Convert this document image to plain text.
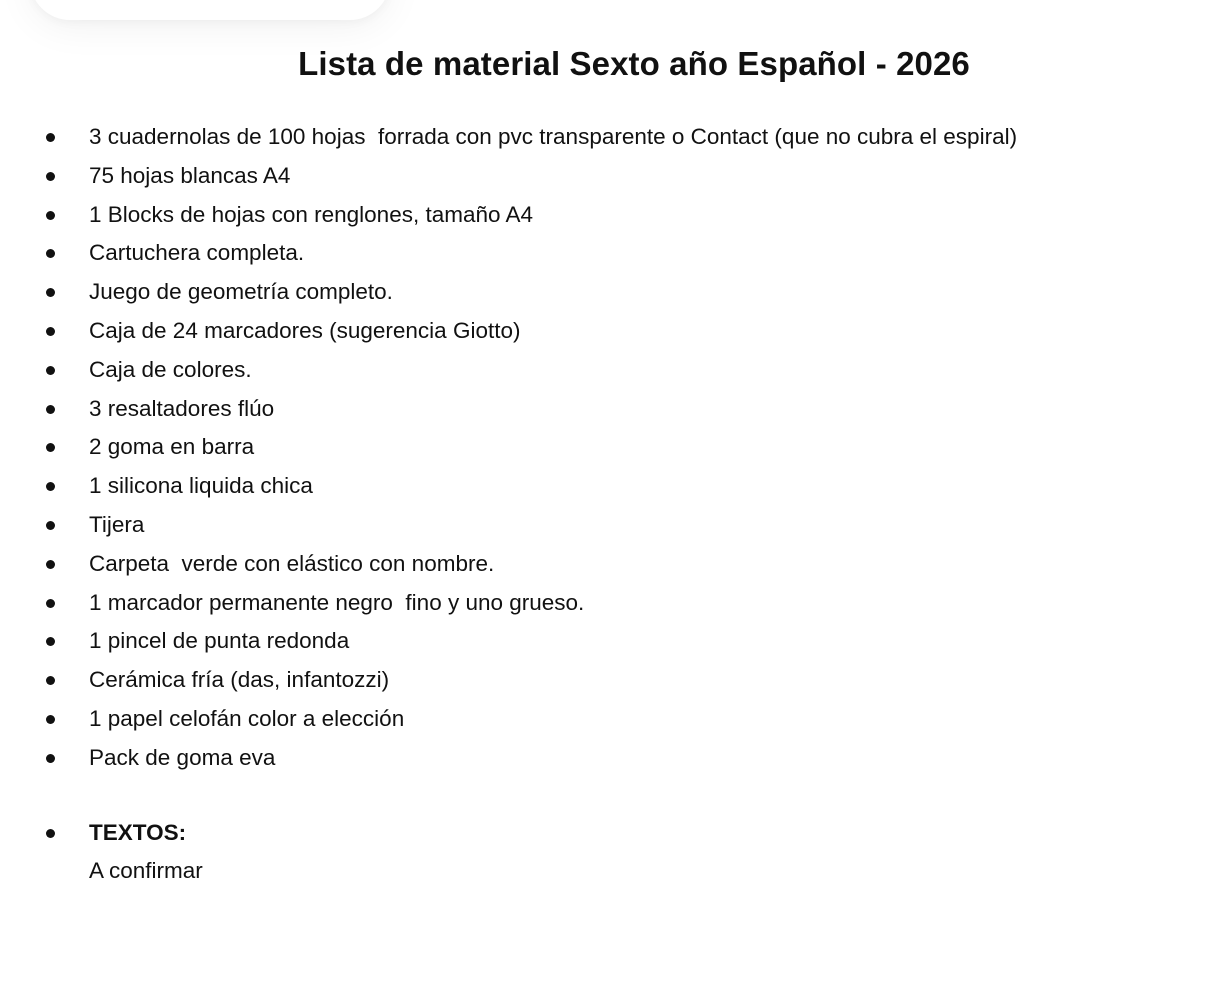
Lista de material Sexto año Español - 2026
3 cuadernolas de 100 hojas  forrada con pvc transparente o Contact (que no cubra el espiral)
75 hojas blancas A4
1 Blocks de hojas con renglones, tamaño A4
Cartuchera completa.
Juego de geometría completo.
Caja de 24 marcadores (sugerencia Giotto)
Caja de colores.
3 resaltadores flúo
2 goma en barra
1 silicona liquida chica
Tijera
Carpeta  verde con elástico con nombre.
1 marcador permanente negro  fino y uno grueso.
1 pincel de punta redonda
Cerámica fría (das, infantozzi)
1 papel celofán color a elección
Pack de goma eva
TEXTOS:
A confirmar
